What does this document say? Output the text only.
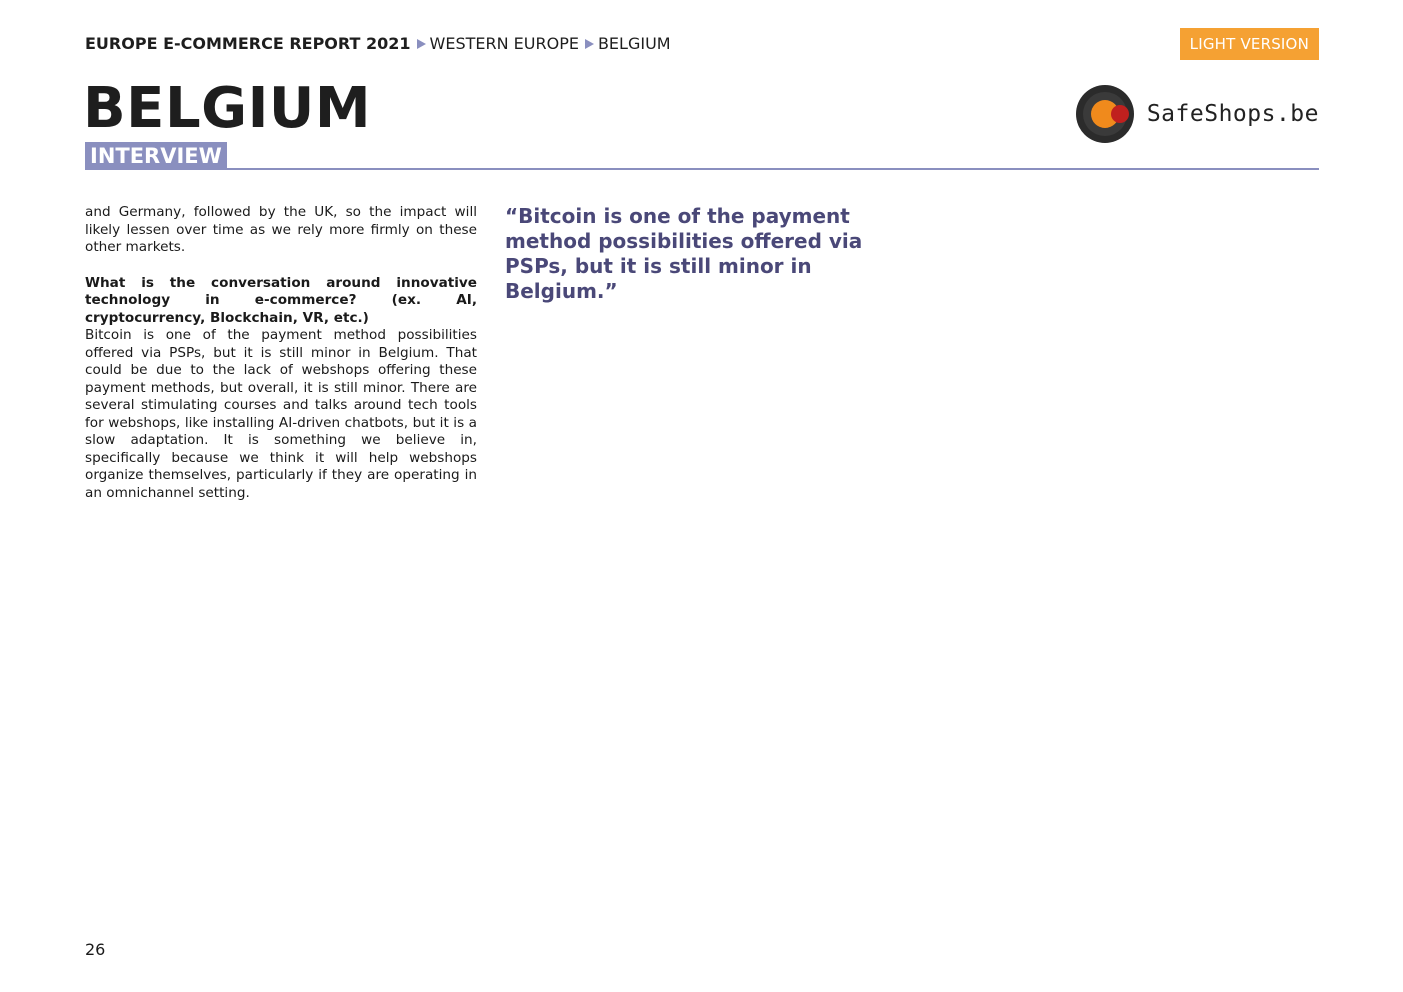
EUROPE E-COMMERCE REPORT 2021 WESTERN EUROPE BELGIUM	LIGHT VERSION
BELGIUM
INTERVIEW
SafeShops.be

and Germany, followed by the UK, so the impact will likely lessen over time as we rely more firmly on these other markets.

What is the conversation around innovative technology in e-commerce? (ex. AI, cryptocurrency, Blockchain, VR, etc.)

Bitcoin is one of the payment method possibilities offered via PSPs, but it is still minor in Belgium. That could be due to the lack of webshops offering these payment methods, but overall, it is still minor. There are several stimulating courses and talks around tech tools for webshops, like installing AI-driven chatbots, but it is a slow adaptation. It is something we believe in, specifically because we think it will help webshops organize themselves, particularly if they are operating in an omnichannel setting.

“Bitcoin is one of the payment method possibilities offered via PSPs, but it is still minor in Belgium.”
26
